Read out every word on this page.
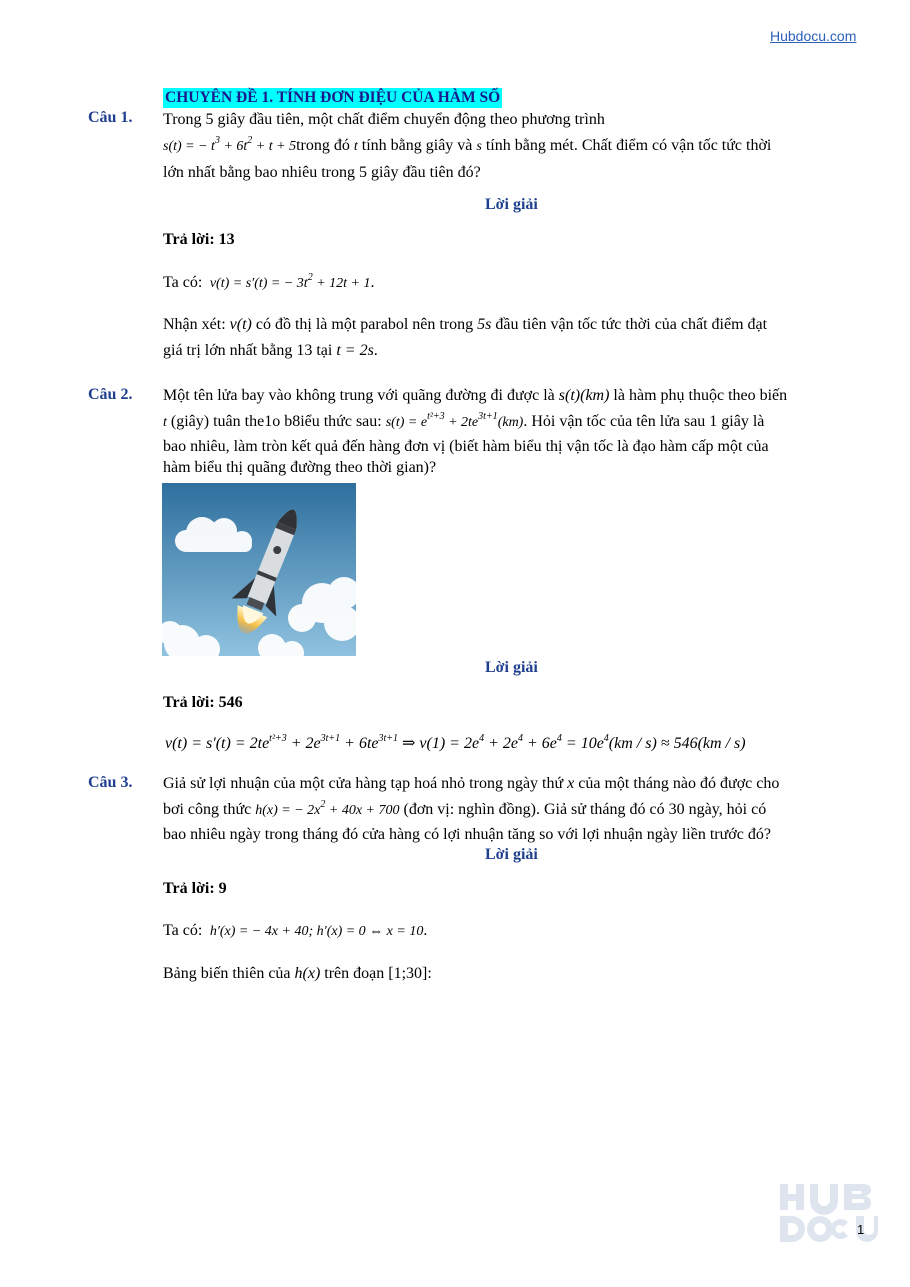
Hubdocu.com
CHUYÊN ĐỀ 1. TÍNH ĐƠN ĐIỆU CỦA HÀM SỐ
Câu 1. Trong 5 giây đầu tiên, một chất điểm chuyển động theo phương trình
s(t) = − $t^3 + 6t^2 + t$ + 5trong đó t tính bằng giây và s tính bằng mét. Chất điểm có vận tốc tức thời
lớn nhất bằng bao nhiêu trong 5 giây đầu tiên đó?
Lời giải
Trả lời: 13
Ta có:  v(t) = s′(t) = − $3t^2 + 12t + 1$.
Nhận xét: v(t) có đồ thị là một parabol nên trong 5s đầu tiên vận tốc tức thời của chất điểm đạt
giá trị lớn nhất bằng 13 tại t = 2s.
Câu 2. Một tên lửa bay vào không trung với quãng đường đi được là s(t)(km) là hàm phụ thuộc theo biến
t (giây) tuân the1o b8iểu thức sau: $s(t) = e^{t^2+3} + 2te^{3t+1}(km)$. Hỏi vận tốc của tên lửa sau 1 giây là
bao nhiêu, làm tròn kết quả đến hàng đơn vị (biết hàm biểu thị vận tốc là đạo hàm cấp một của
hàm biểu thị quãng đường theo thời gian)?
Lời giải
Trả lời: 546
$v(t) = s'(t) = 2te^{t^2+3} + 2e^{3t+1} + 6te^{3t+1}$ ⇒ $v(1) = 2e^4 + 2e^4 + 6e^4 = 10e^4(km / s) \approx 546(km / s)$
Câu 3. Giả sử lợi nhuận của một cửa hàng tạp hoá nhỏ trong ngày thứ x của một tháng nào đó được cho
bơi công thức h(x) = − $2x^2 + 40x + 700$ (đơn vị: nghìn đồng). Giả sử tháng đó có 30 ngày, hỏi có
bao nhiêu ngày trong tháng đó cửa hàng có lợi nhuận tăng so với lợi nhuận ngày liền trước đó?
Lời giải
Trả lời: 9
Ta có:  h′(x) = − 4x + 40; h′(x) = 0 ⇔ x = 10.
Bảng biến thiên của h(x) trên đoạn [1;30]:
1
